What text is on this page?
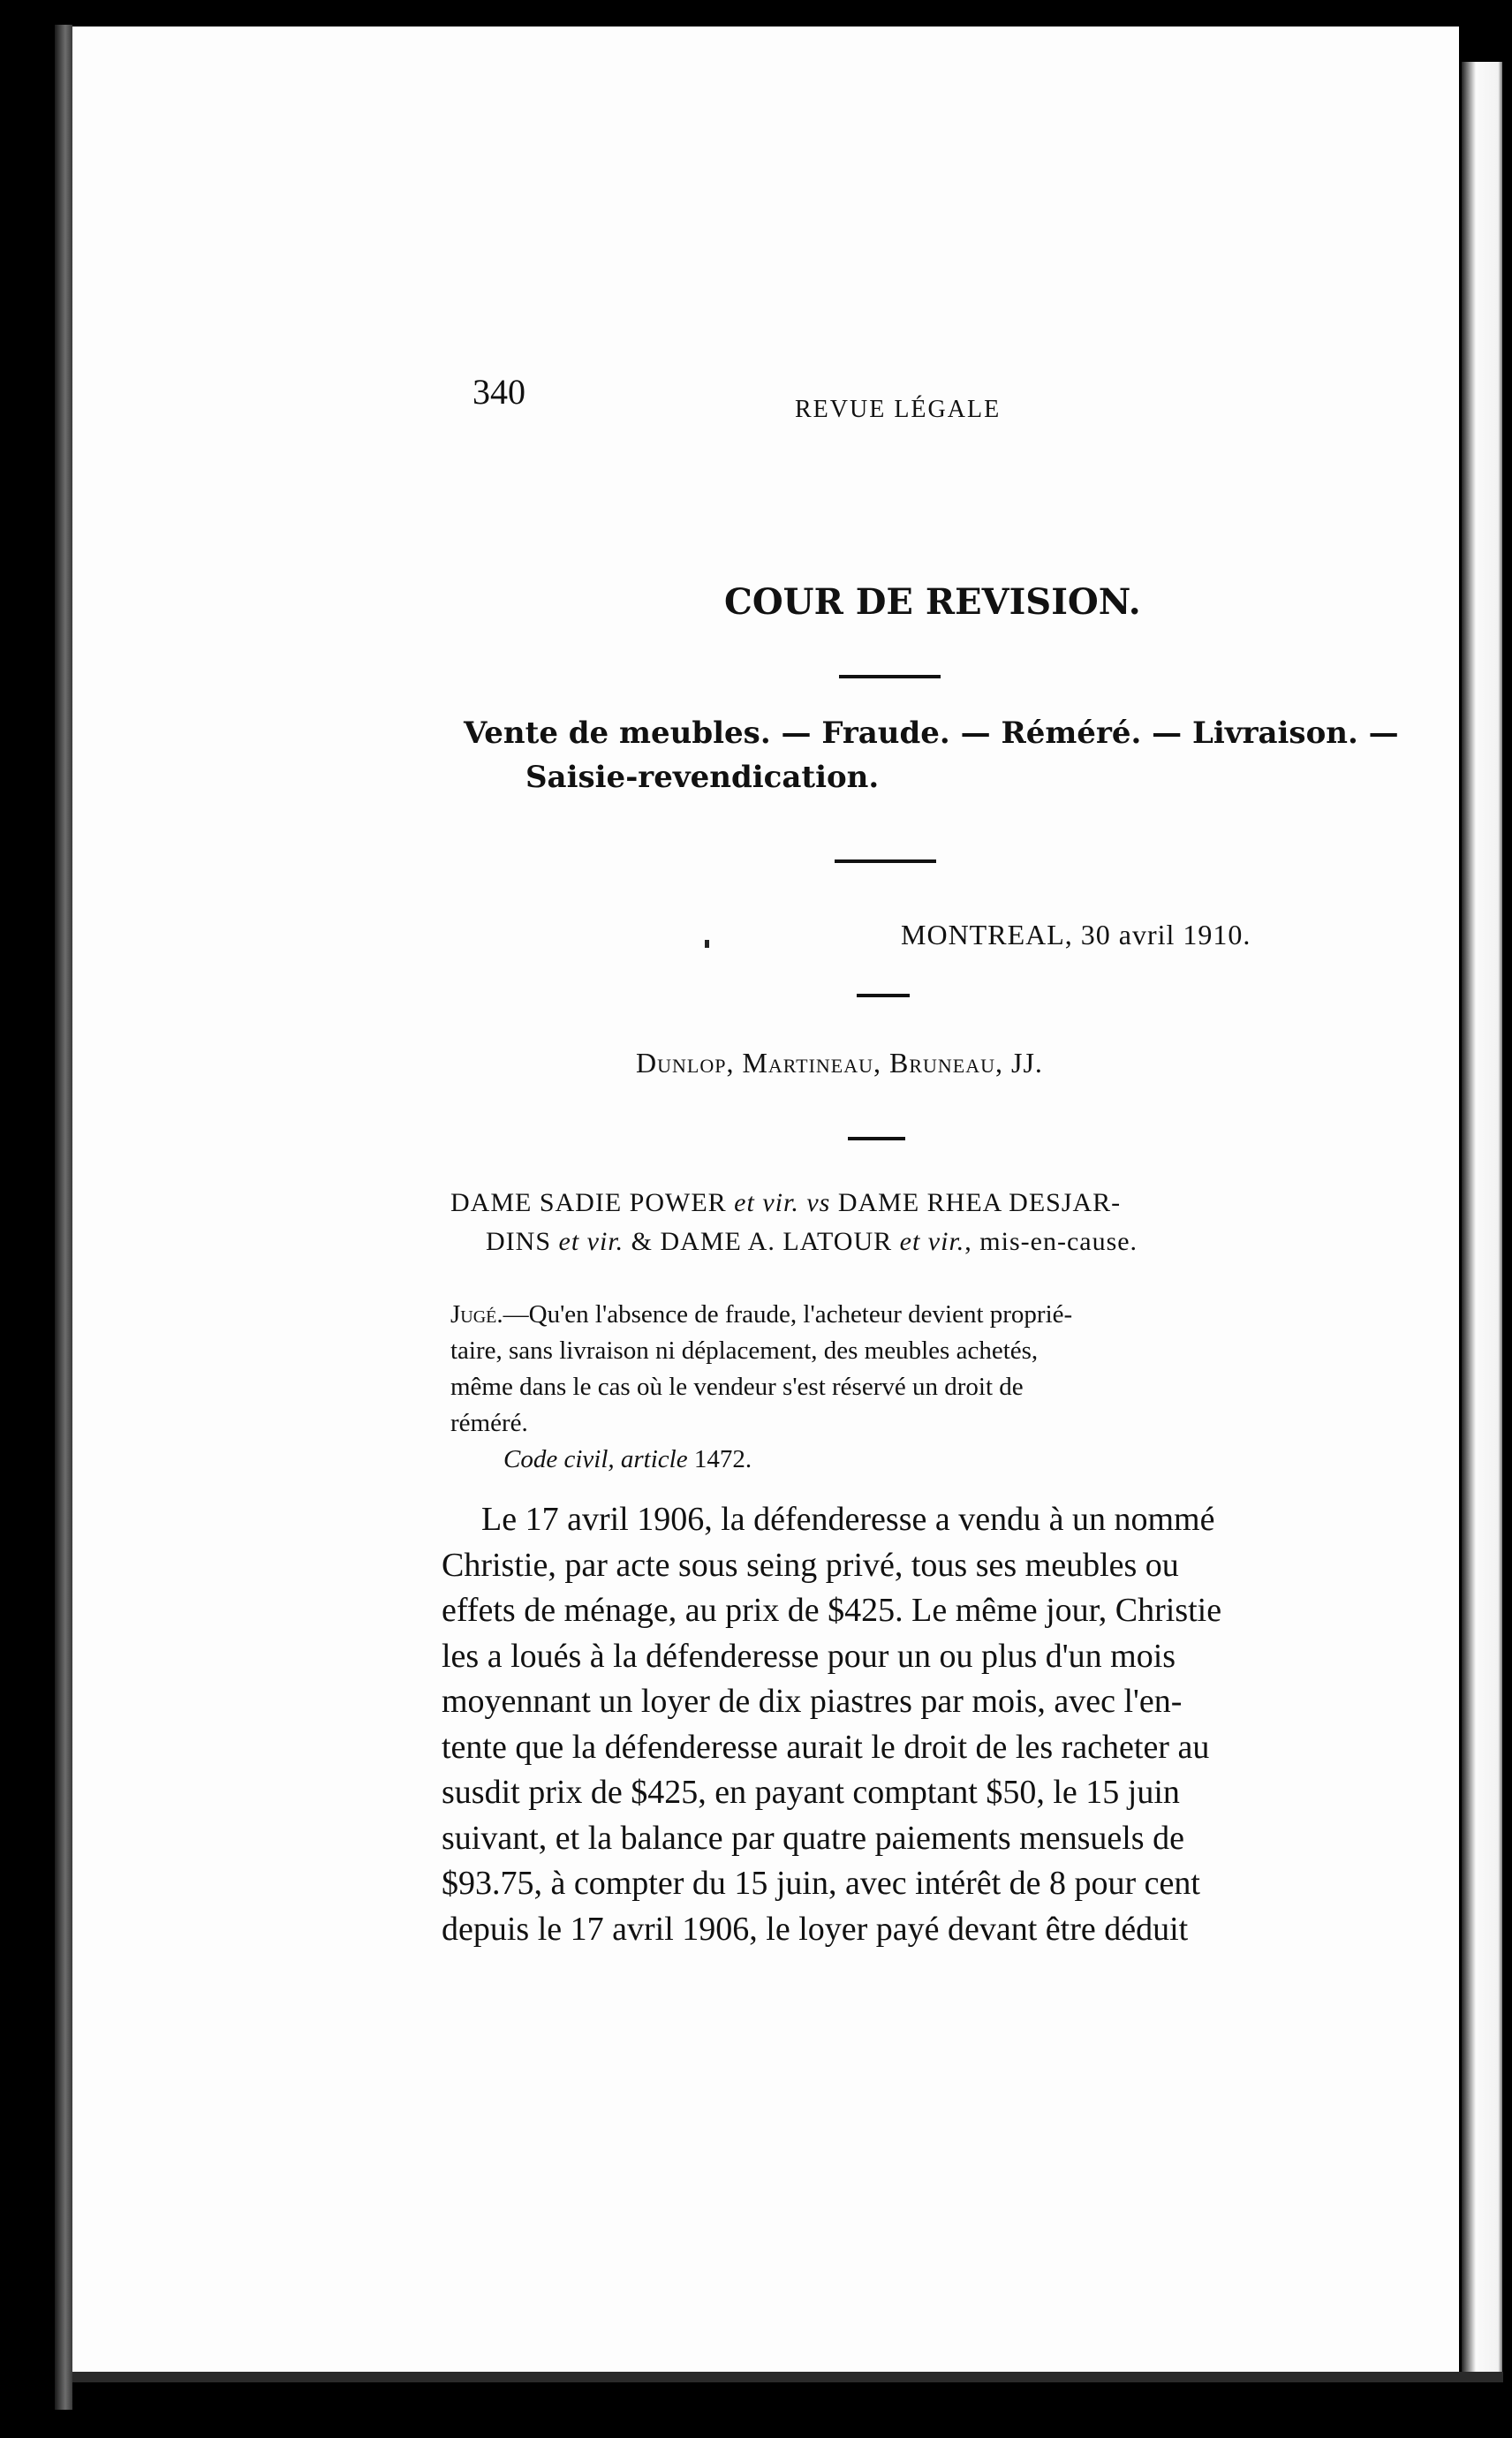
340	REVUE LÉGALE
COUR DE REVISION.
Vente de meubles. — Fraude. — Réméré. — Livraison. —
Saisie-revendication.
MONTREAL, 30 avril 1910.
Dunlop, Martineau, Bruneau, JJ.
DAME SADIE POWER et vir. vs DAME RHEA DESJAR-
DINS et vir. & DAME A. LATOUR et vir., mis-en-cause.
Jugé.—Qu'en l'absence de fraude, l'acheteur devient proprié-
taire, sans livraison ni déplacement, des meubles achetés,
même dans le cas où le vendeur s'est réservé un droit de
réméré.
Code civil, article 1472.
Le 17 avril 1906, la défenderesse a vendu à un nommé
Christie, par acte sous seing privé, tous ses meubles ou
effets de ménage, au prix de $425. Le même jour, Christie
les a loués à la défenderesse pour un ou plus d'un mois
moyennant un loyer de dix piastres par mois, avec l'en-
tente que la défenderesse aurait le droit de les racheter au
susdit prix de $425, en payant comptant $50, le 15 juin
suivant, et la balance par quatre paiements mensuels de
$93.75, à compter du 15 juin, avec intérêt de 8 pour cent
depuis le 17 avril 1906, le loyer payé devant être déduit
